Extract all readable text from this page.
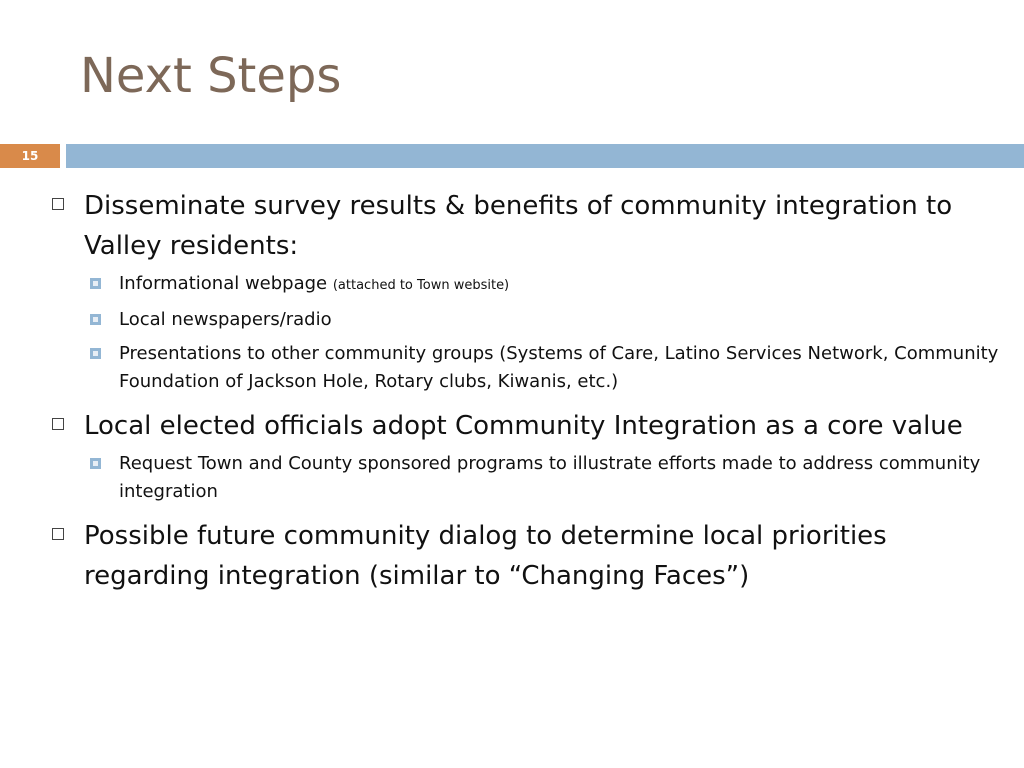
Next Steps
15
Disseminate survey results & benefits of community integration to Valley residents:
Informational webpage (attached to Town website)
Local newspapers/radio
Presentations to other community groups (Systems of Care, Latino Services Network, Community Foundation of Jackson Hole, Rotary clubs, Kiwanis, etc.)
Local elected officials adopt Community Integration as a core value
Request Town and County sponsored programs to illustrate efforts made to address community integration
Possible future community dialog to determine local priorities regarding integration (similar to “Changing Faces”)
